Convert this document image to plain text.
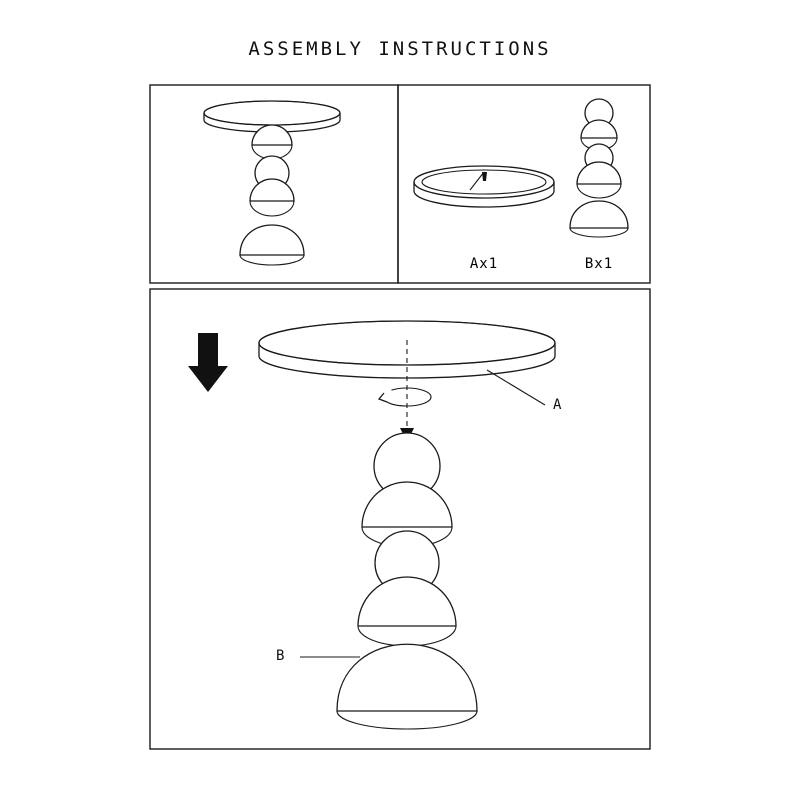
ASSEMBLY INSTRUCTIONS
Ax1	Bx1
A
B
